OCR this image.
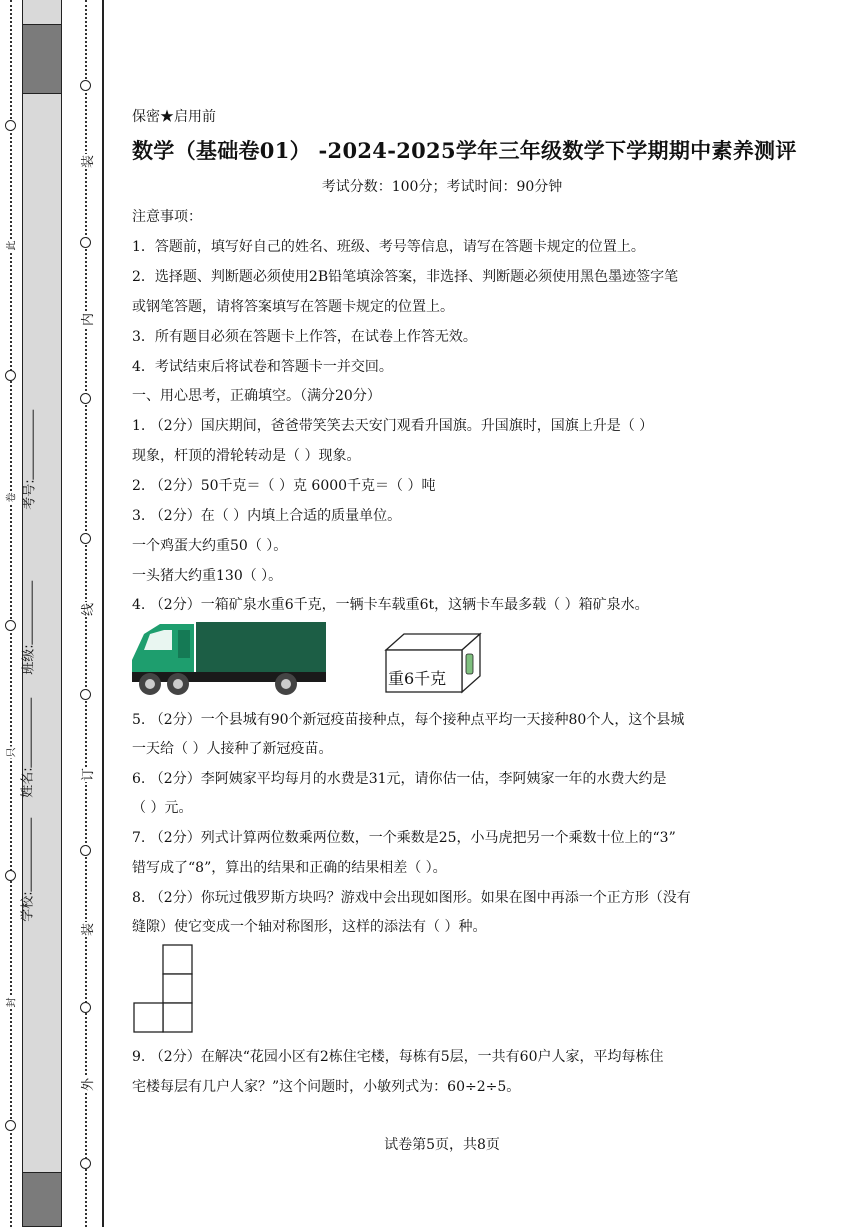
装
内
线
订
装
外
此
卷
只
封
考号:
班级:
姓名:
学校:
保密★启用前
数学（基础卷01） -2024-2025学年三年级数学下学期期中素养测评
考试分数：100分；考试时间：90分钟
注意事项：
1．答题前，填写好自己的姓名、班级、考号等信息，请写在答题卡规定的位置上。
2．选择题、判断题必须使用2B铅笔填涂答案，非选择、判断题必须使用黑色墨迹签字笔
或钢笔答题，请将答案填写在答题卡规定的位置上。
3．所有题目必须在答题卡上作答，在试卷上作答无效。
4．考试结束后将试卷和答题卡一并交回。
一、用心思考，正确填空。（满分20分）
1. （2分）国庆期间，爸爸带笑笑去天安门观看升国旗。升国旗时，国旗上升是（ ）
现象，杆顶的滑轮转动是（ ）现象。
2. （2分）50千克＝（ ）克 6000千克＝（ ）吨
3. （2分）在（ ）内填上合适的质量单位。
一个鸡蛋大约重50（ ）。
一头猪大约重130（ ）。
4. （2分）一箱矿泉水重6千克，一辆卡车载重6t，这辆卡车最多载（ ）箱矿泉水。
5. （2分）一个县城有90个新冠疫苗接种点，每个接种点平均一天接种80个人，这个县城
一天给（ ）人接种了新冠疫苗。
6. （2分）李阿姨家平均每月的水费是31元，请你估一估，李阿姨家一年的水费大约是
（ ）元。
7. （2分）列式计算两位数乘两位数，一个乘数是25，小马虎把另一个乘数十位上的“3”
错写成了“8”，算出的结果和正确的结果相差（ ）。
8. （2分）你玩过俄罗斯方块吗？游戏中会出现如图形。如果在图中再添一个正方形（没有
缝隙）使它变成一个轴对称图形，这样的添法有（ ）种。
9. （2分）在解决“花园小区有2栋住宅楼，每栋有5层，一共有60户人家，平均每栋住
宅楼每层有几户人家？”这个问题时，小敏列式为：60÷2÷5。
试卷第5页，共8页
重6千克
